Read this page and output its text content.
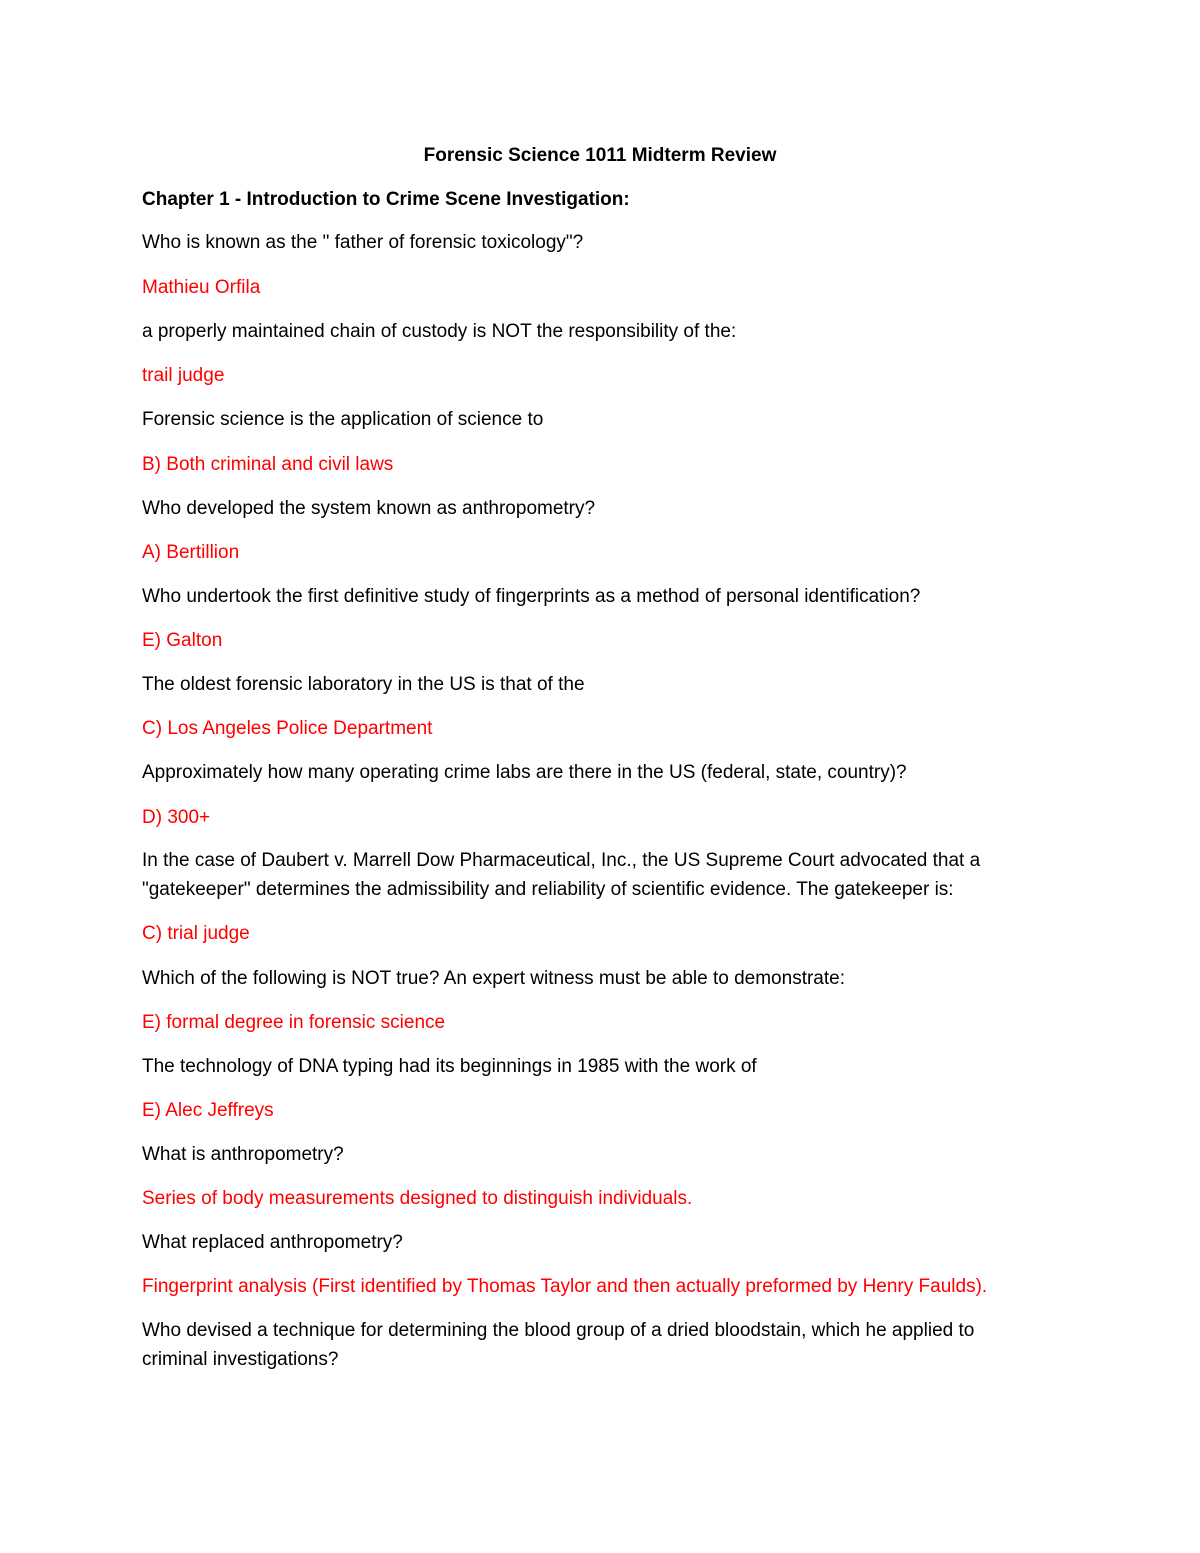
Forensic Science 1011 Midterm Review
Chapter 1 - Introduction to Crime Scene Investigation:
Who is known as the " father of forensic toxicology"?
Mathieu Orfila
a properly maintained chain of custody is NOT the responsibility of the:
trail judge
Forensic science is the application of science to
B) Both criminal and civil laws
Who developed the system known as anthropometry?
A) Bertillion
Who undertook the first definitive study of fingerprints as a method of personal identification?
E) Galton
The oldest forensic laboratory in the US is that of the
C) Los Angeles Police Department
Approximately how many operating crime labs are there in the US (federal, state, country)?
D) 300+
In the case of Daubert v. Marrell Dow Pharmaceutical, Inc., the US Supreme Court advocated that a "gatekeeper" determines the admissibility and reliability of scientific evidence. The gatekeeper is:
C) trial judge
Which of the following is NOT true? An expert witness must be able to demonstrate:
E) formal degree in forensic science
The technology of DNA typing had its beginnings in 1985 with the work of
E) Alec Jeffreys
What is anthropometry?
Series of body measurements designed to distinguish individuals.
What replaced anthropometry?
Fingerprint analysis (First identified by Thomas Taylor and then actually preformed by Henry Faulds).
Who devised a technique for determining the blood group of a dried bloodstain, which he applied to criminal investigations?
